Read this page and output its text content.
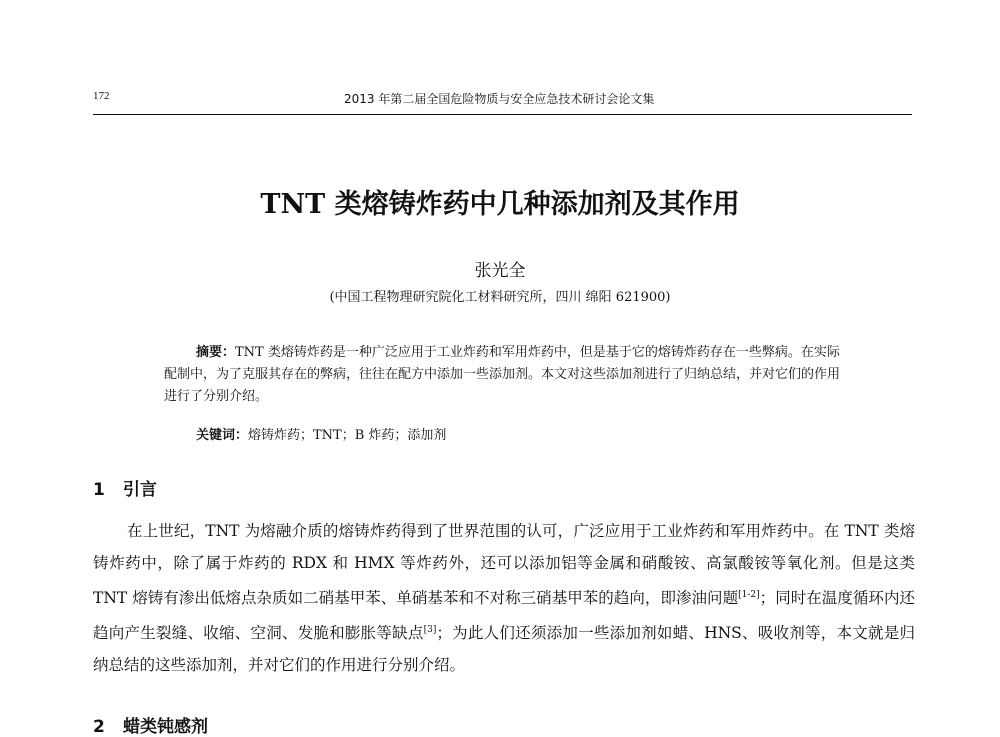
172	2013 年第二届全国危险物质与安全应急技术研讨会论文集
TNT 类熔铸炸药中几种添加剂及其作用
张光全
(中国工程物理研究院化工材料研究所，四川 绵阳 621900)
摘要：TNT 类熔铸炸药是一种广泛应用于工业炸药和军用炸药中，但是基于它的熔铸炸药存在一些弊病。在实际配制中，为了克服其存在的弊病，往往在配方中添加一些添加剂。本文对这些添加剂进行了归纳总结，并对它们的作用进行了分别介绍。
关键词：熔铸炸药；TNT；B 炸药；添加剂
1 引言

在上世纪，TNT 为熔融介质的熔铸炸药得到了世界范围的认可，广泛应用于工业炸药和军用炸药中。在 TNT 类熔铸炸药中，除了属于炸药的 RDX 和 HMX 等炸药外，还可以添加铝等金属和硝酸铵、高氯酸铵等氧化剂。但是这类 TNT 熔铸有渗出低熔点杂质如二硝基甲苯、单硝基苯和不对称三硝基甲苯的趋向，即渗油问题[1-2]；同时在温度循环内还趋向产生裂缝、收缩、空洞、发脆和膨胀等缺点[3]；为此人们还须添加一些添加剂如蜡、HNS、吸收剂等，本文就是归纳总结的这些添加剂，并对它们的作用进行分别介绍。

2 蜡类钝感剂
